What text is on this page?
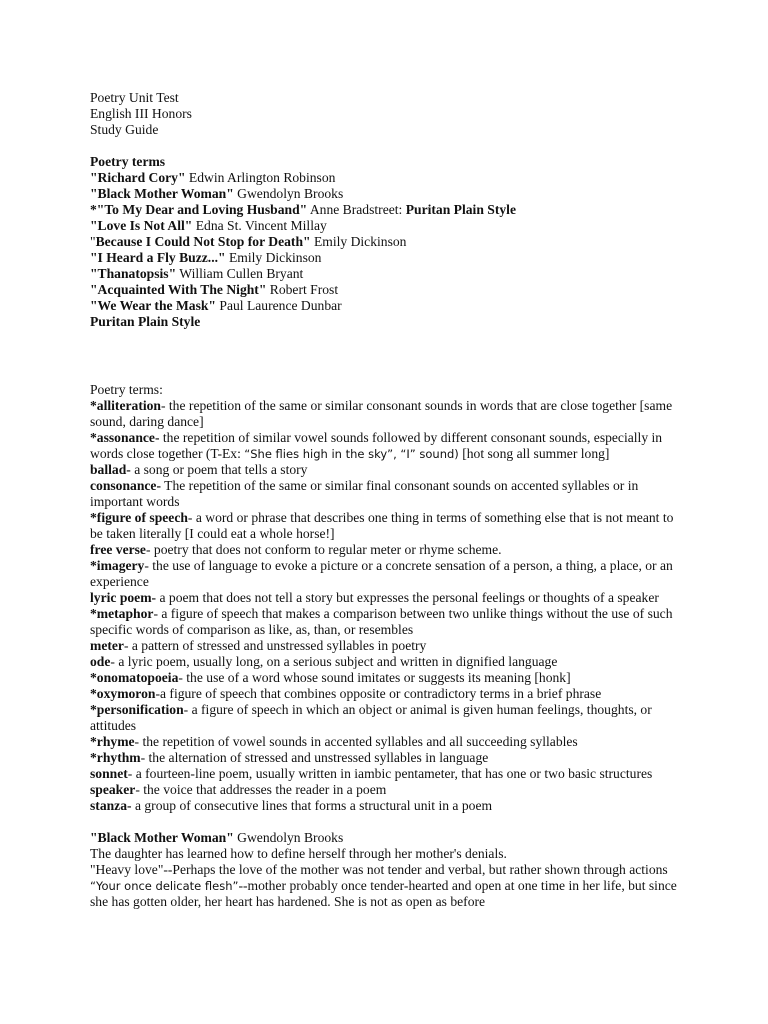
Poetry Unit Test

English III Honors

Study Guide

Poetry terms

"Richard Cory" Edwin Arlington Robinson

"Black Mother Woman" Gwendolyn Brooks

*"To My Dear and Loving Husband" Anne Bradstreet: Puritan Plain Style

"Love Is Not All" Edna St. Vincent Millay

"Because I Could Not Stop for Death" Emily Dickinson

"I Heard a Fly Buzz..." Emily Dickinson

"Thanatopsis" William Cullen Bryant

"Acquainted With The Night" Robert Frost

"We Wear the Mask" Paul Laurence Dunbar

Puritan Plain Style

Poetry terms:

*alliteration- the repetition of the same or similar consonant sounds in words that are close together [same sound, daring dance]

*assonance- the repetition of similar vowel sounds followed by different consonant sounds, especially in words close together (T-Ex: “She flies high in the sky”, “I” sound) [hot song all summer long]

ballad- a song or poem that tells a story

consonance- The repetition of the same or similar final consonant sounds on accented syllables or in important words

*figure of speech- a word or phrase that describes one thing in terms of something else that is not meant to be taken literally [I could eat a whole horse!]

free verse- poetry that does not conform to regular meter or rhyme scheme.

*imagery- the use of language to evoke a picture or a concrete sensation of a person, a thing, a place, or an experience

lyric poem- a poem that does not tell a story but expresses the personal feelings or thoughts of a speaker

*metaphor- a figure of speech that makes a comparison between two unlike things without the use of such specific words of comparison as like, as, than, or resembles

meter- a pattern of stressed and unstressed syllables in poetry

ode- a lyric poem, usually long, on a serious subject and written in dignified language

*onomatopoeia- the use of a word whose sound imitates or suggests its meaning [honk]

*oxymoron-a figure of speech that combines opposite or contradictory terms in a brief phrase

*personification- a figure of speech in which an object or animal is given human feelings, thoughts, or attitudes

*rhyme- the repetition of vowel sounds in accented syllables and all succeeding syllables

*rhythm- the alternation of stressed and unstressed syllables in language

sonnet- a fourteen-line poem, usually written in iambic pentameter, that has one or two basic structures

speaker- the voice that addresses the reader in a poem

stanza- a group of consecutive lines that forms a structural unit in a poem

"Black Mother Woman" Gwendolyn Brooks

The daughter has learned how to define herself through her mother's denials.

"Heavy love"--Perhaps the love of the mother was not tender and verbal, but rather shown through actions

“Your once delicate flesh”--mother probably once tender-hearted and open at one time in her life, but since she has gotten older, her heart has hardened. She is not as open as before
